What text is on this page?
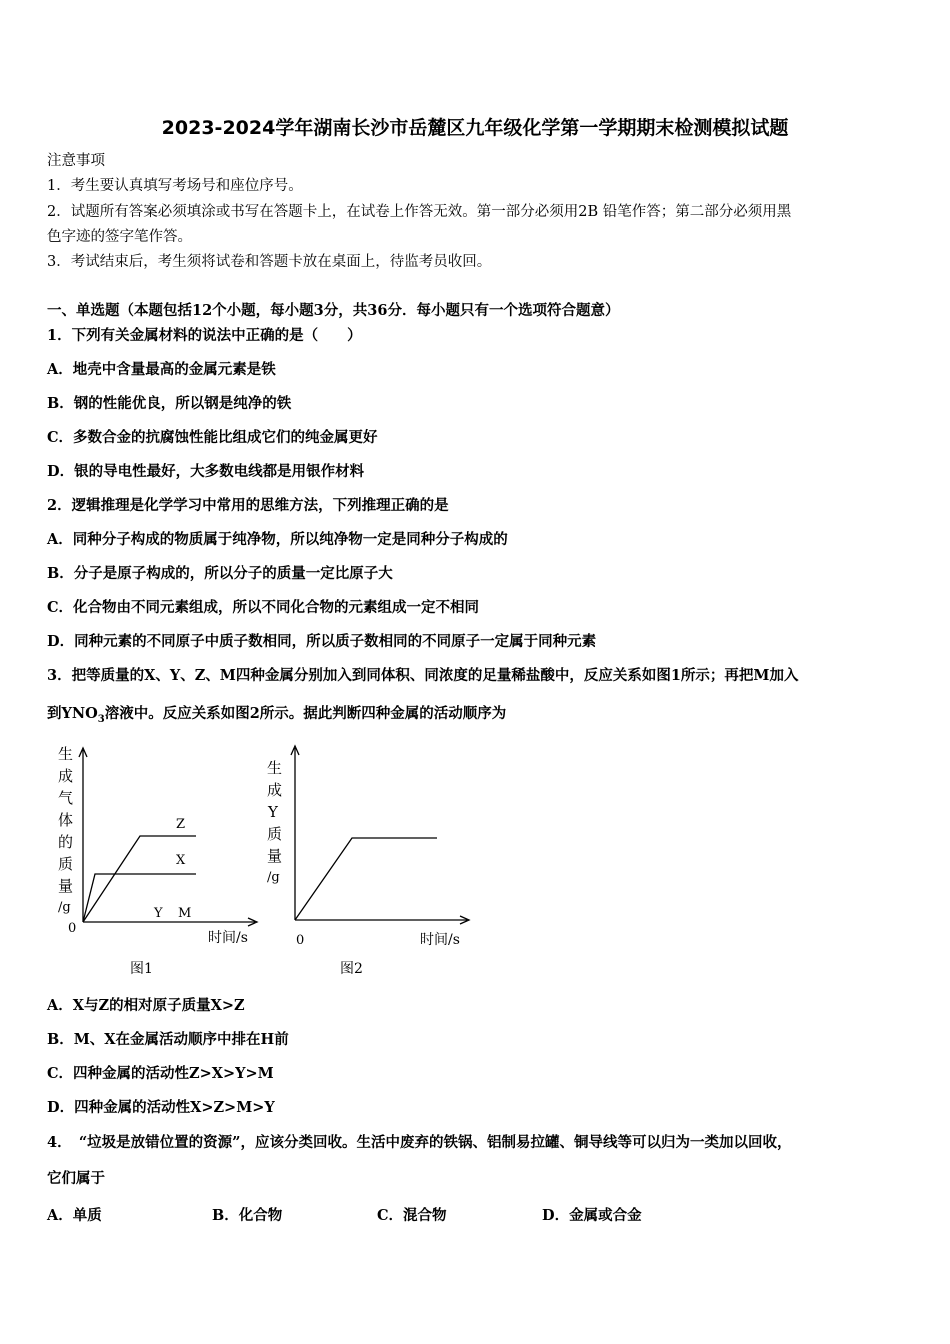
2023-2024学年湖南长沙市岳麓区九年级化学第一学期期末检测模拟试题
注意事项
1．考生要认真填写考场号和座位序号。
2．试题所有答案必须填涂或书写在答题卡上，在试卷上作答无效。第一部分必须用2B 铅笔作答；第二部分必须用黑
色字迹的签字笔作答。
3．考试结束后，考生须将试卷和答题卡放在桌面上，待监考员收回。
一、单选题（本题包括12个小题，每小题3分，共36分．每小题只有一个选项符合题意）
1．下列有关金属材料的说法中正确的是（　　）
A．地壳中含量最高的金属元素是铁
B．钢的性能优良，所以钢是纯净的铁
C．多数合金的抗腐蚀性能比组成它们的纯金属更好
D．银的导电性最好，大多数电线都是用银作材料
2．逻辑推理是化学学习中常用的思维方法，下列推理正确的是
A．同种分子构成的物质属于纯净物，所以纯净物一定是同种分子构成的
B．分子是原子构成的，所以分子的质量一定比原子大
C．化合物由不同元素组成，所以不同化合物的元素组成一定不相同
D．同种元素的不同原子中质子数相同，所以质子数相同的不同原子一定属于同种元素
3．把等质量的X、Y、Z、M四种金属分别加入到同体积、同浓度的足量稀盐酸中，反应关系如图1所示；再把M加入
到$YNO_3$溶液中。反应关系如图2所示。据此判断四种金属的活动顺序为
生
成
气
体
的
质
量
/g
0
时间/s
图1
Z
X
Y M
生
成
Y
质
量
/g
0	时间/s
图2
A．X与Z的相对原子质量X>Z
B．M、X在金属活动顺序中排在H前
C．四种金属的活动性Z>X>Y>M
D．四种金属的活动性X>Z>M>Y
4．　“垃圾是放错位置的资源”，应该分类回收。生活中废弃的铁锅、铝制易拉罐、铜导线等可以归为一类加以回收，
它们属于
A．单质	B．化合物	C．混合物	D．金属或合金
